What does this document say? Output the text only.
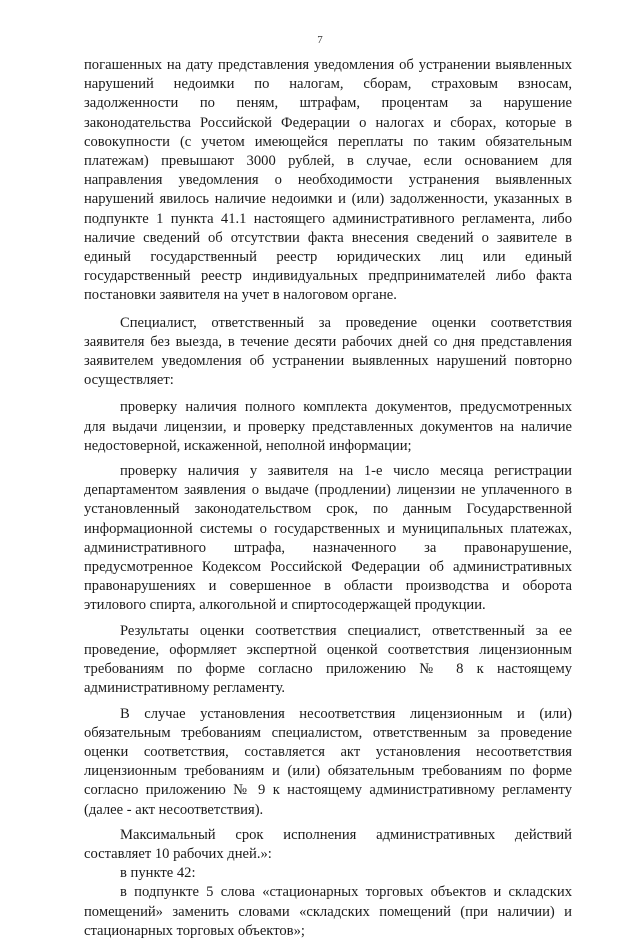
7

погашенных на дату представления уведомления об устранении выявленных нарушений недоимки по налогам, сборам, страховым взносам, задолженности по пеням, штрафам, процентам за нарушение законодательства Российской Федерации о налогах и сборах, которые в совокупности (с учетом имеющейся переплаты по таким обязательным платежам) превышают 3000 рублей, в случае, если основанием для направления уведомления о необходимости устранения выявленных нарушений явилось наличие недоимки и (или) задолженности, указанных в подпункте 1 пункта 41.1 настоящего административного регламента, либо наличие сведений об отсутствии факта внесения сведений о заявителе в единый государственный реестр юридических лиц или единый государственный реестр индивидуальных предпринимателей либо факта постановки заявителя на учет в налоговом органе.

Специалист, ответственный за проведение оценки соответствия заявителя без выезда, в течение десяти рабочих дней со дня представления заявителем уведомления об устранении выявленных нарушений повторно осуществляет:

проверку наличия полного комплекта документов, предусмотренных для выдачи лицензии, и проверку представленных документов на наличие недостоверной, искаженной, неполной информации;

проверку наличия у заявителя на 1-е число месяца регистрации департаментом заявления о выдаче (продлении) лицензии не уплаченного в установленный законодательством срок, по данным Государственной информационной системы о государственных и муниципальных платежах, административного штрафа, назначенного за правонарушение, предусмотренное Кодексом Российской Федерации об административных правонарушениях и совершенное в области производства и оборота этилового спирта, алкогольной и спиртосодержащей продукции.

Результаты оценки соответствия специалист, ответственный за ее проведение, оформляет экспертной оценкой соответствия лицензионным требованиям по форме согласно приложению № 8 к настоящему административному регламенту.

В случае установления несоответствия лицензионным и (или) обязательным требованиям специалистом, ответственным за проведение оценки соответствия, составляется акт установления несоответствия лицензионным требованиям и (или) обязательным требованиям по форме согласно приложению № 9 к настоящему административному регламенту (далее - акт несоответствия).

Максимальный срок исполнения административных действий составляет 10 рабочих дней.»:

в пункте 42:

в подпункте 5 слова «стационарных торговых объектов и складских помещений» заменить словами «складских помещений (при наличии) и стационарных торговых объектов»;
